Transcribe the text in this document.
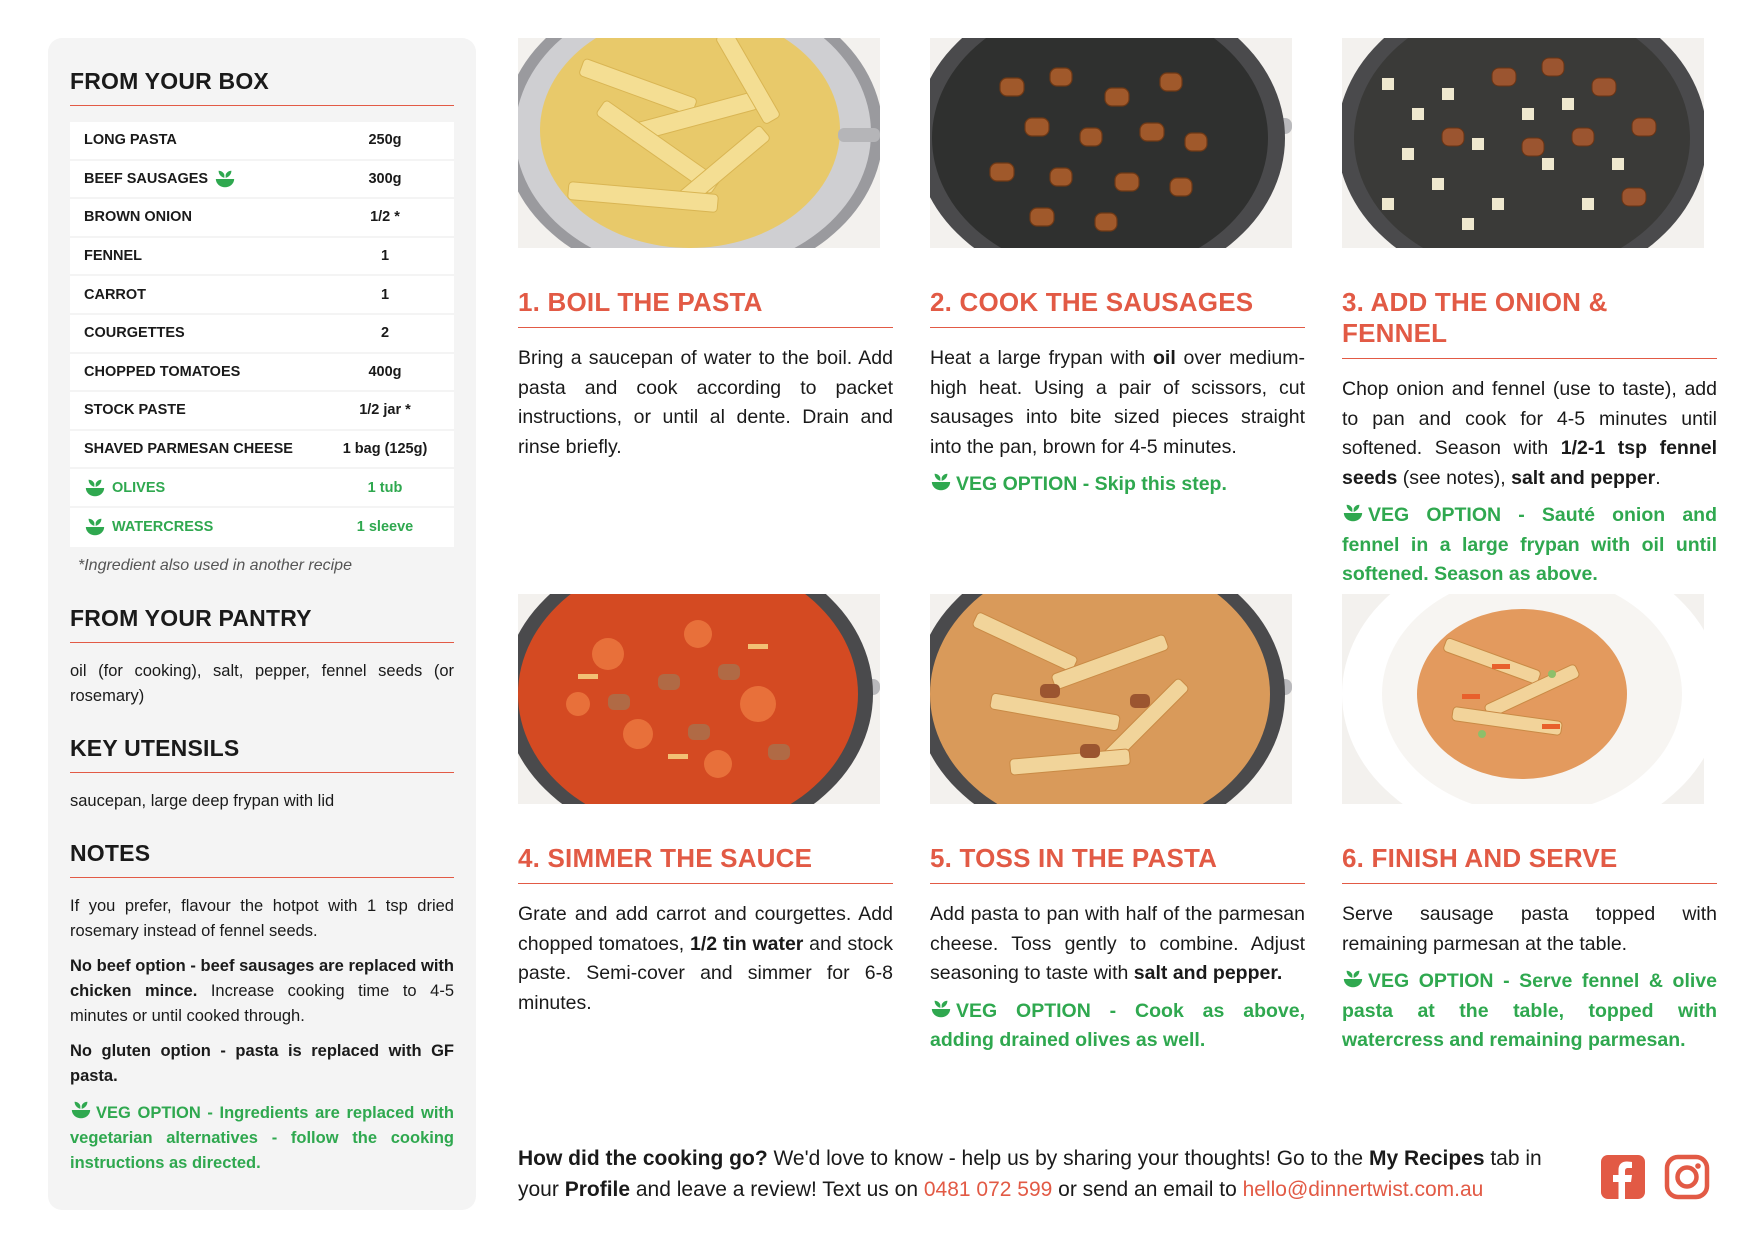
FROM YOUR BOX
LONG PASTA	250g
BEEF SAUSAGES	300g
BROWN ONION	1/2 *
FENNEL	1
CARROT	1
COURGETTES	2
CHOPPED TOMATOES	400g
STOCK PASTE	1/2 jar *
SHAVED PARMESAN CHEESE	1 bag (125g)
OLIVES	1 tub
WATERCRESS	1 sleeve
*Ingredient also used in another recipe
FROM YOUR PANTRY
oil (for cooking), salt, pepper, fennel seeds (or rosemary)
KEY UTENSILS
saucepan, large deep frypan with lid
NOTES
If you prefer, flavour the hotpot with 1 tsp dried rosemary instead of fennel seeds.
No beef option - beef sausages are replaced with chicken mince. Increase cooking time to 4-5 minutes or until cooked through.
No gluten option - pasta is replaced with GF pasta.
VEG OPTION - Ingredients are replaced with vegetarian alternatives - follow the cooking instructions as directed.
1. BOIL THE PASTA
Bring a saucepan of water to the boil. Add pasta and cook according to packet instructions, or until al dente. Drain and rinse briefly.
2. COOK THE SAUSAGES
Heat a large frypan with oil over medium-high heat. Using a pair of scissors, cut sausages into bite sized pieces straight into the pan, brown for 4-5 minutes.
VEG OPTION - Skip this step.
3. ADD THE ONION & FENNEL
Chop onion and fennel (use to taste), add to pan and cook for 4-5 minutes until softened. Season with 1/2-1 tsp fennel seeds (see notes), salt and pepper.
VEG OPTION - Sauté onion and fennel in a large frypan with oil until softened. Season as above.
4. SIMMER THE SAUCE
Grate and add carrot and courgettes. Add chopped tomatoes, 1/2 tin water and stock paste. Semi-cover and simmer for 6-8 minutes.
5. TOSS IN THE PASTA
Add pasta to pan with half of the parmesan cheese. Toss gently to combine. Adjust seasoning to taste with salt and pepper.
VEG OPTION - Cook as above, adding drained olives as well.
6. FINISH AND SERVE
Serve sausage pasta topped with remaining parmesan at the table.
VEG OPTION - Serve fennel & olive pasta at the table, topped with watercress and remaining parmesan.
How did the cooking go? We'd love to know - help us by sharing your thoughts! Go to the My Recipes tab in your Profile and leave a review! Text us on 0481 072 599 or send an email to hello@dinnertwist.com.au
